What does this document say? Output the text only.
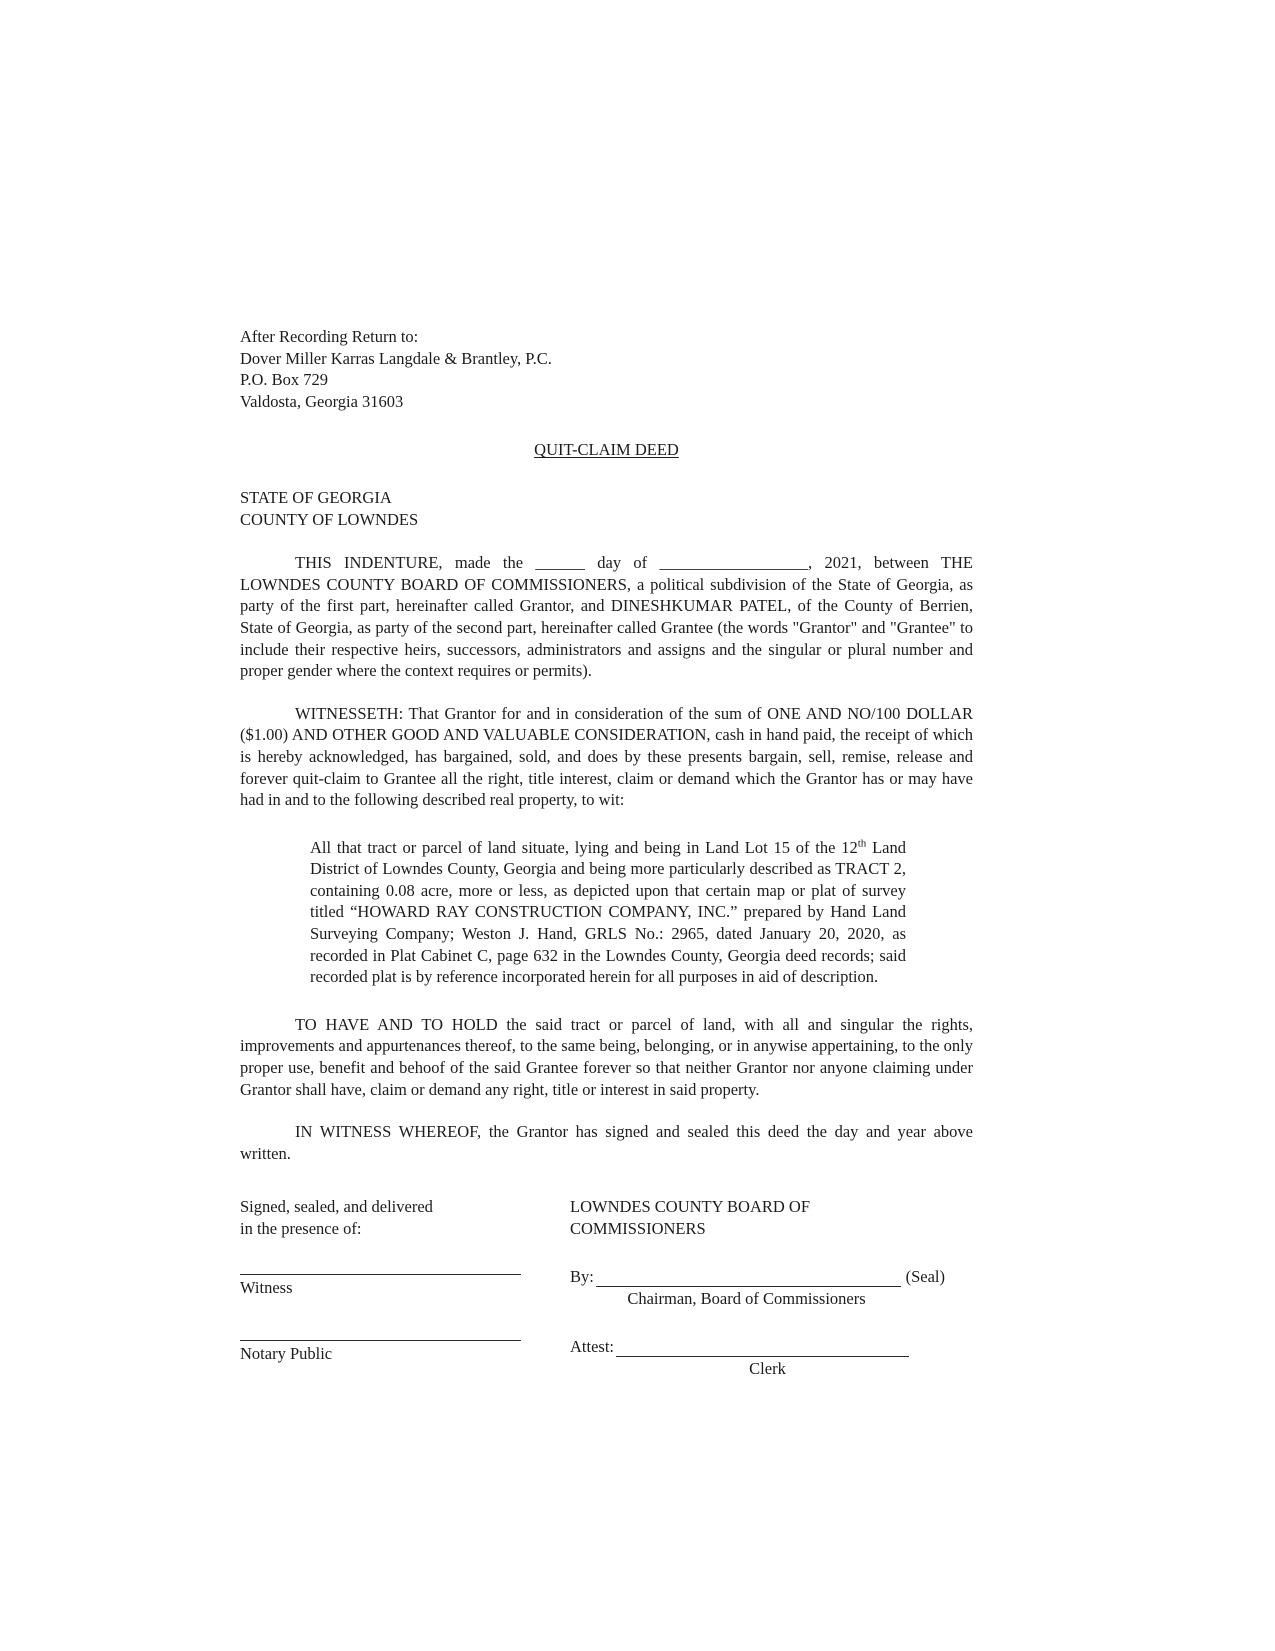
After Recording Return to:
Dover Miller Karras Langdale & Brantley, P.C.
P.O. Box 729
Valdosta, Georgia 31603
QUIT-CLAIM DEED
STATE OF GEORGIA
COUNTY OF LOWNDES

THIS INDENTURE, made the ______ day of __________________, 2021, between THE LOWNDES COUNTY BOARD OF COMMISSIONERS, a political subdivision of the State of Georgia, as party of the first part, hereinafter called Grantor, and DINESHKUMAR PATEL, of the County of Berrien, State of Georgia, as party of the second part, hereinafter called Grantee (the words "Grantor" and "Grantee" to include their respective heirs, successors, administrators and assigns and the singular or plural number and proper gender where the context requires or permits).

WITNESSETH: That Grantor for and in consideration of the sum of ONE AND NO/100 DOLLAR ($1.00) AND OTHER GOOD AND VALUABLE CONSIDERATION, cash in hand paid, the receipt of which is hereby acknowledged, has bargained, sold, and does by these presents bargain, sell, remise, release and forever quit-claim to Grantee all the right, title interest, claim or demand which the Grantor has or may have had in and to the following described real property, to wit:

All that tract or parcel of land situate, lying and being in Land Lot 15 of the 12th Land District of Lowndes County, Georgia and being more particularly described as TRACT 2, containing 0.08 acre, more or less, as depicted upon that certain map or plat of survey titled “HOWARD RAY CONSTRUCTION COMPANY, INC.” prepared by Hand Land Surveying Company; Weston J. Hand, GRLS No.: 2965, dated January 20, 2020, as recorded in Plat Cabinet C, page 632 in the Lowndes County, Georgia deed records; said recorded plat is by reference incorporated herein for all purposes in aid of description.

TO HAVE AND TO HOLD the said tract or parcel of land, with all and singular the rights, improvements and appurtenances thereof, to the same being, belonging, or in anywise appertaining, to the only proper use, benefit and behoof of the said Grantee forever so that neither Grantor nor anyone claiming under Grantor shall have, claim or demand any right, title or interest in said property.

IN WITNESS WHEREOF, the Grantor has signed and sealed this deed the day and year above written.

Signed, sealed, and delivered
in the presence of:
Witness
Notary Public
LOWNDES COUNTY BOARD OF
COMMISSIONERS
By:	(Seal)
Chairman, Board of Commissioners
Attest:
Clerk
